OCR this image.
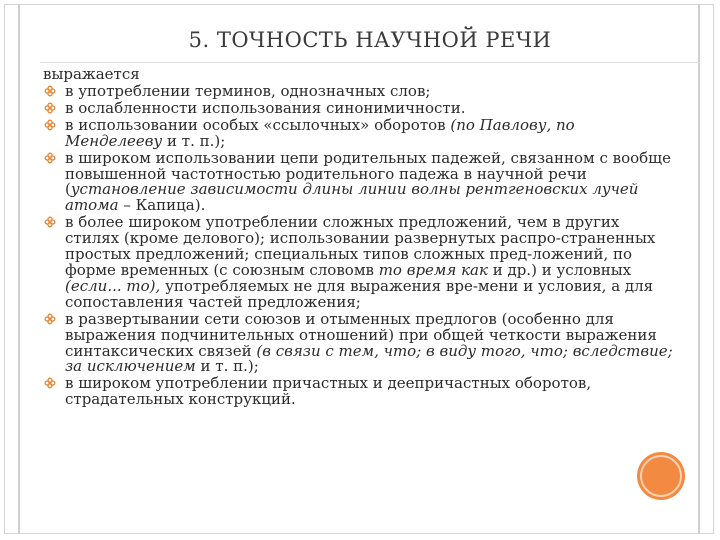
5. ТОЧНОСТЬ НАУЧНОЙ РЕЧИ
выражается
в употреблении терминов, однозначных слов;
в ослабленности использования синонимичности.
в использовании особых «ссылочных» оборотов (по Павлову, по Менделееву и т. п.);
в широком использовании цепи родительных падежей, связанном с вообще повышенной частотностью родительного падежа в научной речи (установление зависимости длины линии волны рентгеновских лучей атома – Капица).
в более широком употреблении сложных предложений, чем в других стилях (кроме делового); использовании развернутых распро-страненных простых предложений; специальных типов сложных пред-ложений, по форме временных (с союзным словомв то время как и др.) и условных (если... то), употребляемых не для выражения вре-мени и условия, а для сопоставления частей предложения;
в развертывании сети союзов и отыменных предлогов (особенно для выражения подчинительных отношений) при общей четкости выражения синтаксических связей (в связи с тем, что; в виду того, что; вследствие; за исключением и т. п.);
в широком употреблении причастных и деепричастных оборотов, страдательных конструкций.
